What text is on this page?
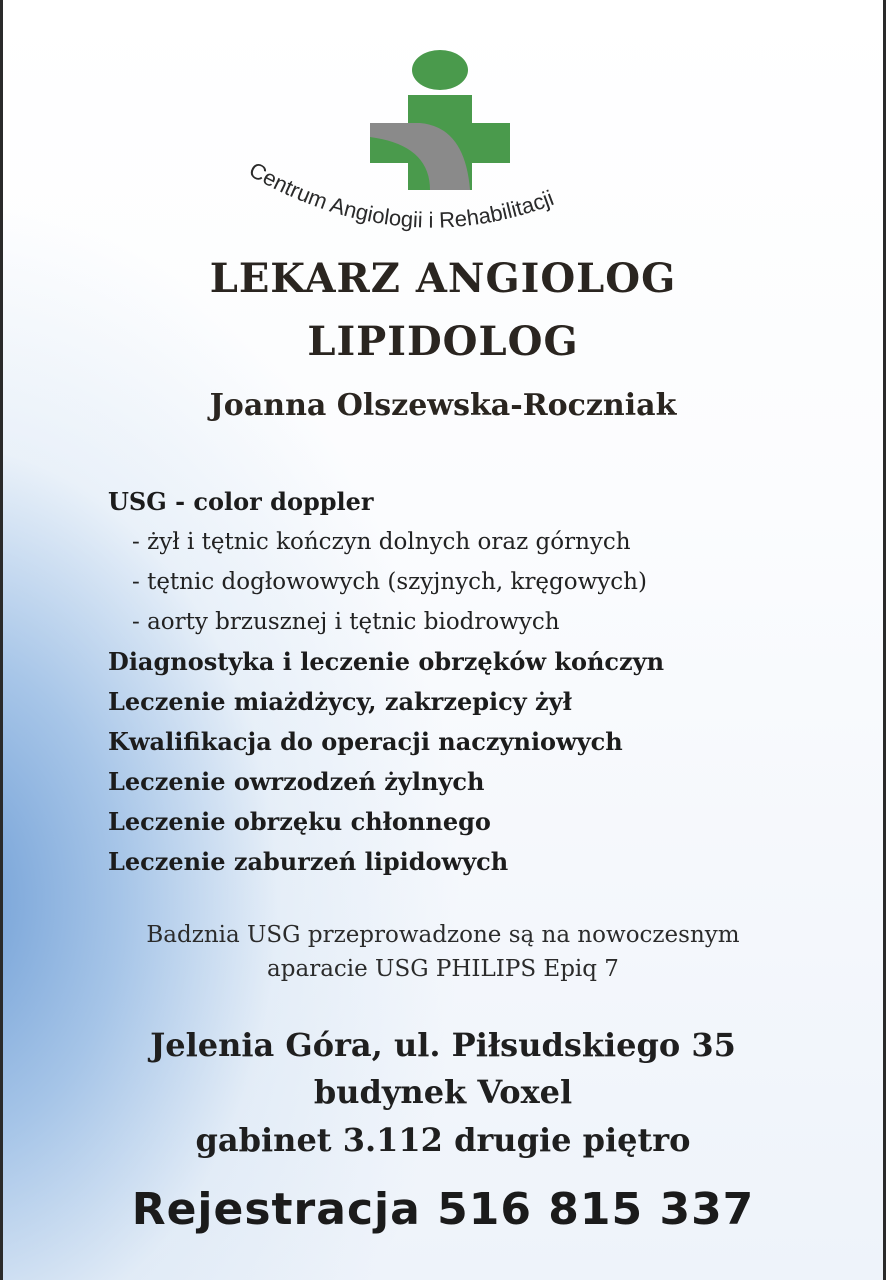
Centrum Angiologii i Rehabilitacji
LEKARZ ANGIOLOG
LIPIDOLOG
Joanna Olszewska-Roczniak
USG - color doppler
- żył i tętnic kończyn dolnych oraz górnych
- tętnic dogłowowych (szyjnych, kręgowych)
- aorty brzusznej i tętnic biodrowych
Diagnostyka i leczenie obrzęków kończyn
Leczenie miażdżycy, zakrzepicy żył
Kwalifikacja do operacji naczyniowych
Leczenie owrzodzeń żylnych
Leczenie obrzęku chłonnego
Leczenie zaburzeń lipidowych
Badznia USG przeprowadzone są na nowoczesnym
aparacie USG PHILIPS Epiq 7
Jelenia Góra, ul. Piłsudskiego 35
budynek Voxel
gabinet 3.112 drugie piętro
Rejestracja 516 815 337
